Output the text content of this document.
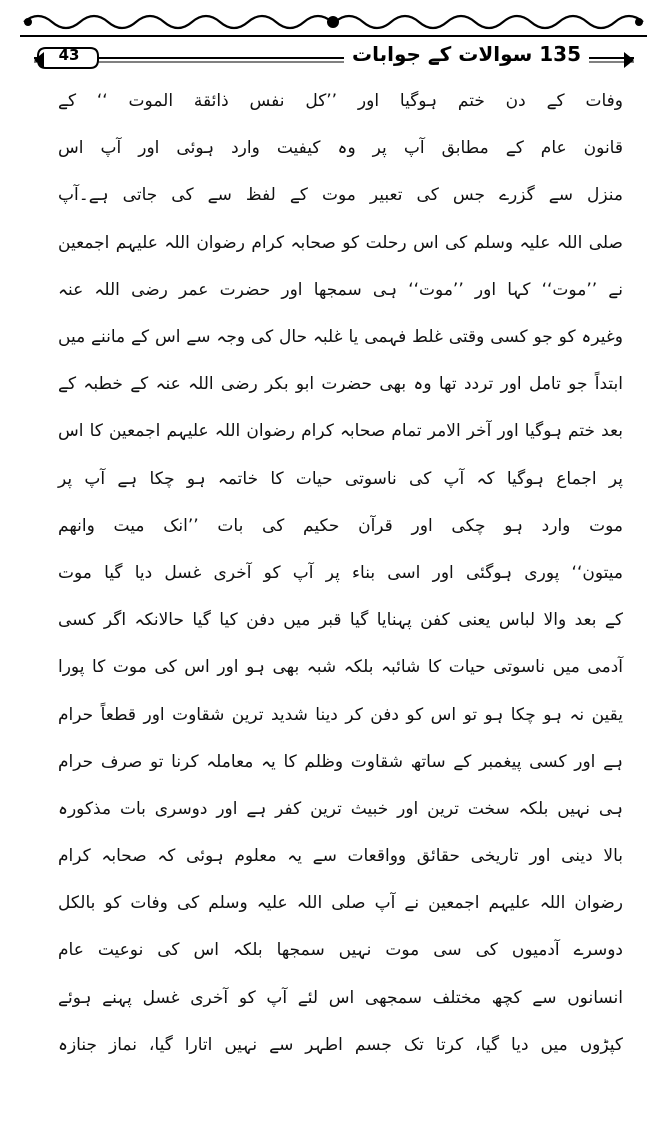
43	135 سوالات کے جوابات
وفات کے دن ختم ہوگیا اور ’’کل نفس ذائقة الموت ‘‘ کے
قانون عام کے مطابق آپ پر وہ کیفیت وارد ہوئی اور آپ اس
منزل سے گزرے جس کی تعبیر موت کے لفظ سے کی جاتی ہے۔آپ
صلی اللہ علیہ وسلم کی اس رحلت کو صحابہ کرام رضوان اللہ علیہم اجمعین
نے ’’موت‘‘ کہا اور ’’موت‘‘ ہی سمجھا اور حضرت عمر رضی اللہ عنہ
وغیرہ کو جو کسی وقتی غلط فہمی یا غلبہ حال کی وجہ سے اس کے ماننے میں
ابتداً جو تامل اور تردد تھا وہ بھی حضرت ابو بکر رضی اللہ عنہ کے خطبہ کے
بعد ختم ہوگیا اور آخر الامر تمام صحابہ کرام رضوان اللہ علیہم اجمعین کا اس
پر اجماع ہوگیا کہ آپ کی ناسوتی حیات کا خاتمہ ہو چکا ہے آپ پر
موت وارد ہو چکی اور قرآن حکیم کی بات ’’انک میت وانھم
میتون‘‘ پوری ہوگئی اور اسی بناء پر آپ کو آخری غسل دیا گیا موت
کے بعد والا لباس یعنی کفن پہنایا گیا قبر میں دفن کیا گیا حالانکہ اگر کسی
آدمی میں ناسوتی حیات کا شائبہ بلکہ شبہ بھی ہو اور اس کی موت کا پورا
یقین نہ ہو چکا ہو تو اس کو دفن کر دینا شدید ترین شقاوت اور قطعاً حرام
ہے اور کسی پیغمبر کے ساتھ شقاوت وظلم کا یہ معاملہ کرنا تو صرف حرام
ہی نہیں بلکہ سخت ترین اور خبیث ترین کفر ہے اور دوسری بات مذکورہ
بالا دینی اور تاریخی حقائق وواقعات سے یہ معلوم ہوئی کہ صحابہ کرام
رضوان اللہ علیہم اجمعین نے آپ صلی اللہ علیہ وسلم کی وفات کو بالکل
دوسرے آدمیوں کی سی موت نہیں سمجھا بلکہ اس کی نوعیت عام
انسانوں سے کچھ مختلف سمجھی اس لئے آپ کو آخری غسل پہنے ہوئے
کپڑوں میں دیا گیا، کرتا تک جسم اطہر سے نہیں اتارا گیا، نماز جنازہ
